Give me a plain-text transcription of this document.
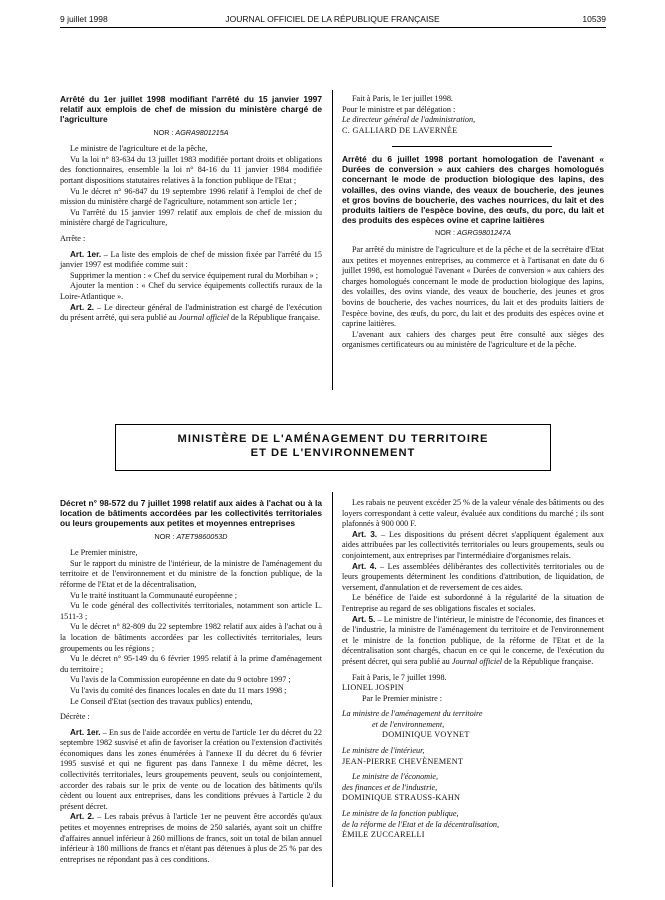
9 juillet 1998	JOURNAL OFFICIEL DE LA RÉPUBLIQUE FRANÇAISE	10539
Arrêté du 1er juillet 1998 modifiant l'arrêté du 15 janvier 1997 relatif aux emplois de chef de mission du ministère chargé de l'agriculture
NOR : AGRA9801215A

Le ministre de l'agriculture et de la pêche,

Vu la loi n° 83-634 du 13 juillet 1983 modifiée portant droits et obligations des fonctionnaires, ensemble la loi n° 84-16 du 11 janvier 1984 modifiée portant dispositions statutaires relatives à la fonction publique de l'Etat ;

Vu le décret n° 96-847 du 19 septembre 1996 relatif à l'emploi de chef de mission du ministère chargé de l'agriculture, notamment son article 1er ;

Vu l'arrêté du 15 janvier 1997 relatif aux emplois de chef de mission du ministère chargé de l'agriculture,

Arrête :

Art. 1er. – La liste des emplois de chef de mission fixée par l'arrêté du 15 janvier 1997 est modifiée comme suit :

Supprimer la mention : « Chef du service équipement rural du Morbihan » ;

Ajouter la mention : « Chef du service équipements collectifs ruraux de la Loire-Atlantique ».

Art. 2. – Le directeur général de l'administration est chargé de l'exécution du présent arrêté, qui sera publié au Journal officiel de la République française.

Fait à Paris, le 1er juillet 1998.

Pour le ministre et par délégation :

Le directeur général de l'administration,

C. GALLIARD DE LAVERNÉE

Arrêté du 6 juillet 1998 portant homologation de l'avenant « Durées de conversion » aux cahiers des charges homologués concernant le mode de production biologique des lapins, des volailles, des ovins viande, des veaux de boucherie, des jeunes et gros bovins de boucherie, des vaches nourrices, du lait et des produits laitiers de l'espèce bovine, des œufs, du porc, du lait et des produits des espèces ovine et caprine laitières
NOR : AGRG9801247A

Par arrêté du ministre de l'agriculture et de la pêche et de la secrétaire d'Etat aux petites et moyennes entreprises, au commerce et à l'artisanat en date du 6 juillet 1998, est homologué l'avenant « Durées de conversion » aux cahiers des charges homologués concernant le mode de production biologique des lapins, des volailles, des ovins viande, des veaux de boucherie, des jeunes et gros bovins de boucherie, des vaches nourrices, du lait et des produits laitiers de l'espèce bovine, des œufs, du porc, du lait et des produits des espèces ovine et caprine laitières.

L'avenant aux cahiers des charges peut être consulté aux sièges des organismes certificateurs ou au ministère de l'agriculture et de la pêche.

MINISTÈRE DE L'AMÉNAGEMENT DU TERRITOIRE
ET DE L'ENVIRONNEMENT
Décret n° 98-572 du 7 juillet 1998 relatif aux aides à l'achat ou à la location de bâtiments accordées par les collectivités territoriales ou leurs groupements aux petites et moyennes entreprises
NOR : ATET9860053D

Le Premier ministre,

Sur le rapport du ministre de l'intérieur, de la ministre de l'aménagement du territoire et de l'environnement et du ministre de la fonction publique, de la réforme de l'Etat et de la décentralisation,

Vu le traité instituant la Communauté européenne ;

Vu le code général des collectivités territoriales, notamment son article L. 1511-3 ;

Vu le décret n° 82-809 du 22 septembre 1982 relatif aux aides à l'achat ou à la location de bâtiments accordées par les collectivités territoriales, leurs groupements ou les régions ;

Vu le décret n° 95-149 du 6 février 1995 relatif à la prime d'aménagement du territoire ;

Vu l'avis de la Commission européenne en date du 9 octobre 1997 ;

Vu l'avis du comité des finances locales en date du 11 mars 1998 ;

Le Conseil d'Etat (section des travaux publics) entendu,

Décrète :

Art. 1er. – En sus de l'aide accordée en vertu de l'article 1er du décret du 22 septembre 1982 susvisé et afin de favoriser la création ou l'extension d'activités économiques dans les zones énumérées à l'annexe II du décret du 6 février 1995 susvisé et qui ne figurent pas dans l'annexe I du même décret, les collectivités territoriales, leurs groupements peuvent, seuls ou conjointement, accorder des rabais sur le prix de vente ou de location des bâtiments qu'ils cèdent ou louent aux entreprises, dans les conditions prévues à l'article 2 du présent décret.

Art. 2. – Les rabais prévus à l'article 1er ne peuvent être accordés qu'aux petites et moyennes entreprises de moins de 250 salariés, ayant soit un chiffre d'affaires annuel inférieur à 260 millions de francs, soit un total de bilan annuel inférieur à 180 millions de francs et n'étant pas détenues à plus de 25 % par des entreprises ne répondant pas à ces conditions.

Les rabais ne peuvent excéder 25 % de la valeur vénale des bâtiments ou des loyers correspondant à cette valeur, évaluée aux conditions du marché ; ils sont plafonnés à 900 000 F.

Art. 3. – Les dispositions du présent décret s'appliquent également aux aides attribuées par les collectivités territoriales ou leurs groupements, seuls ou conjointement, aux entreprises par l'intermédiaire d'organismes relais.

Art. 4. – Les assemblées délibérantes des collectivités territoriales ou de leurs groupements déterminent les conditions d'attribution, de liquidation, de versement, d'annulation et de reversement de ces aides.

Le bénéfice de l'aide est subordonné à la régularité de la situation de l'entreprise au regard de ses obligations fiscales et sociales.

Art. 5. – Le ministre de l'intérieur, le ministre de l'économie, des finances et de l'industrie, la ministre de l'aménagement du territoire et de l'environnement et le ministre de la fonction publique, de la réforme de l'Etat et de la décentralisation sont chargés, chacun en ce qui le concerne, de l'exécution du présent décret, qui sera publié au Journal officiel de la République française.

Fait à Paris, le 7 juillet 1998.

LIONEL JOSPIN

Par le Premier ministre :

La ministre de l'aménagement du territoire

et de l'environnement,

DOMINIQUE VOYNET

Le ministre de l'intérieur,

JEAN-PIERRE CHEVÈNEMENT

Le ministre de l'économie,

des finances et de l'industrie,

DOMINIQUE STRAUSS-KAHN

Le ministre de la fonction publique,

de la réforme de l'Etat et de la décentralisation,

ÉMILE ZUCCARELLI
